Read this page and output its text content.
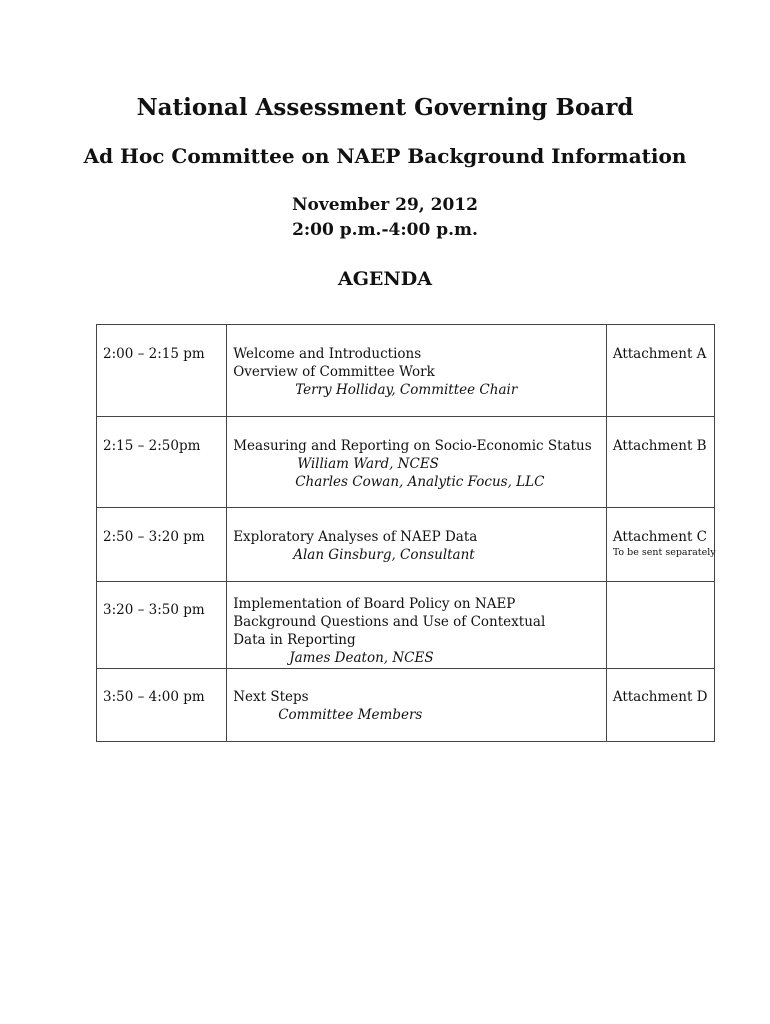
National Assessment Governing Board
Ad Hoc Committee on NAEP Background Information
November 29, 2012
2:00 p.m.-4:00 p.m.
AGENDA
2:00 – 2:15 pm	Welcome and Introductions
Overview of Committee Work
Terry Holliday, Committee Chair	Attachment A

2:15 – 2:50pm	Measuring and Reporting on Socio-Economic Status
William Ward, NCES
Charles Cowan, Analytic Focus, LLC	Attachment B

2:50 – 3:20 pm	Exploratory Analyses of NAEP Data
Alan Ginsburg, Consultant	Attachment C
To be sent separately

3:20 – 3:50 pm	Implementation of Board Policy on NAEP Background Questions and Use of Contextual Data in Reporting
James Deaton, NCES	

3:50 – 4:00 pm	Next Steps
Committee Members	Attachment D
